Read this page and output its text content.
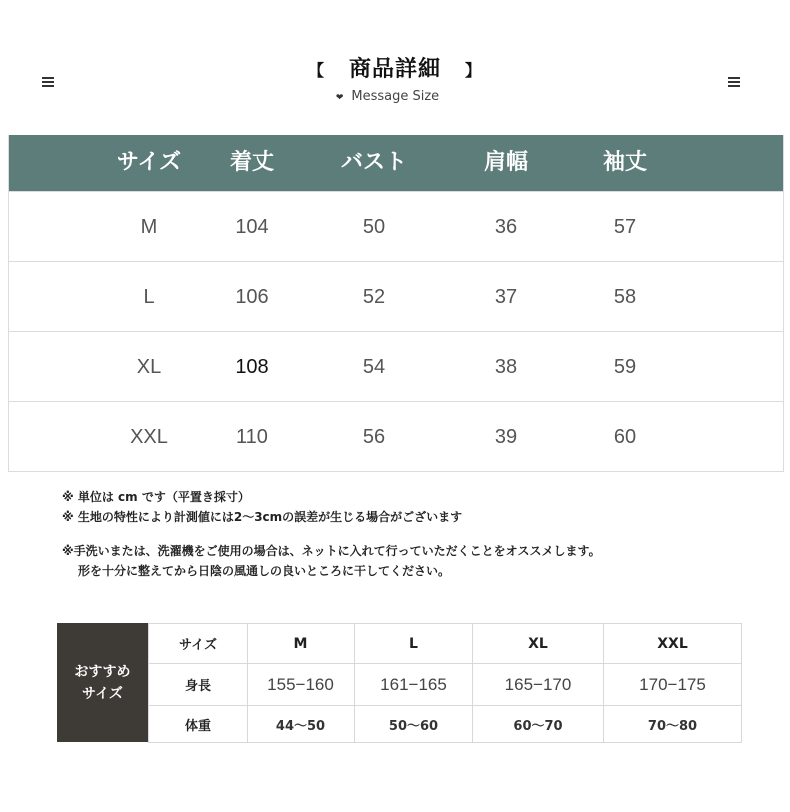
【 商品詳細 】
❤ Message Size
サイズ	着丈	バスト	肩幅	袖丈
M	104	50	36	57
L	106	52	37	58
XL	108	54	38	59
XXL	110	56	39	60
※ 単位は cm です（平置き採寸）
※ 生地の特性により計測値には2〜3cmの誤差が生じる場合がございます
※手洗いまたは、洗濯機をご使用の場合は、ネットに入れて行っていただくことをオススメします。
形を十分に整えてから日陰の風通しの良いところに干してください。
おすすめ
サイズ
サイズ	M	L	XL	XXL
身長	155−160	161−165	165−170	170−175
体重	44～50	50～60	60～70	70～80
